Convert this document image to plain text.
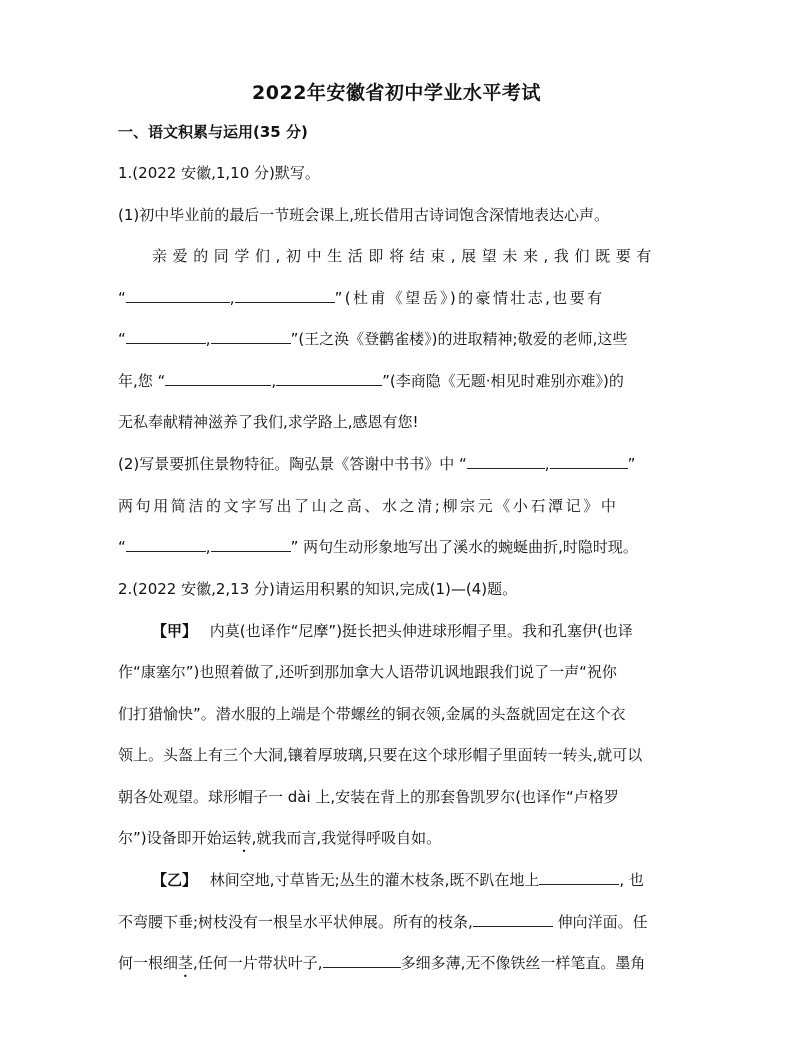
2022年安徽省初中学业水平考试
一、语文积累与运用(35 分)
1.(2022 安徽,1,10 分)默写。
(1)初中毕业前的最后一节班会课上,班长借用古诗词饱含深情地表达心声。
亲爱的同学们,初中生活即将结束,展望未来,我们既要有
“	,	”(杜甫《望岳》)的豪情壮志,也要有
“	,	”(王之涣《登鹳雀楼》)的进取精神;敬爱的老师,这些
年,您 “	,	”(李商隐《无题·相见时难别亦难》)的
无私奉献精神滋养了我们,求学路上,感恩有您!
(2)写景要抓住景物特征。陶弘景《答谢中书书》中 “	,	”
两句用简洁的文字写出了山之高、水之清;柳宗元《小石潭记》中
“	,	” 两句生动形象地写出了溪水的蜿蜒曲折,时隐时现。
2.(2022 安徽,2,13 分)请运用积累的知识,完成(1)—(4)题。
【甲】 内莫(也译作“尼摩”)挺长把头伸进球形帽子里。我和孔塞伊(也译
作“康塞尔”)也照着做了,还听到那加拿大人语带讥讽地跟我们说了一声“祝你
们打猎愉快”。潜水服的上端是个带螺丝的铜衣领,金属的头盔就固定在这个衣
领上。头盔上有三个大洞,镶着厚玻璃,只要在这个球形帽子里面转一转头,就可以
朝各处观望。球形帽子一 dài 上,安装在背上的那套鲁凯罗尔(也译作“卢格罗
尔”)设备即开始运转,就我而言,我觉得呼吸自如。
【乙】 林间空地,寸草皆无;丛生的灌木枝条,既不趴在地上	, 也
不弯腰下垂;树枝没有一根呈水平状伸展。所有的枝条,	伸向洋面。任
何一根细茎,任何一片带状叶子,	多细多薄,无不像铁丝一样笔直。墨角
